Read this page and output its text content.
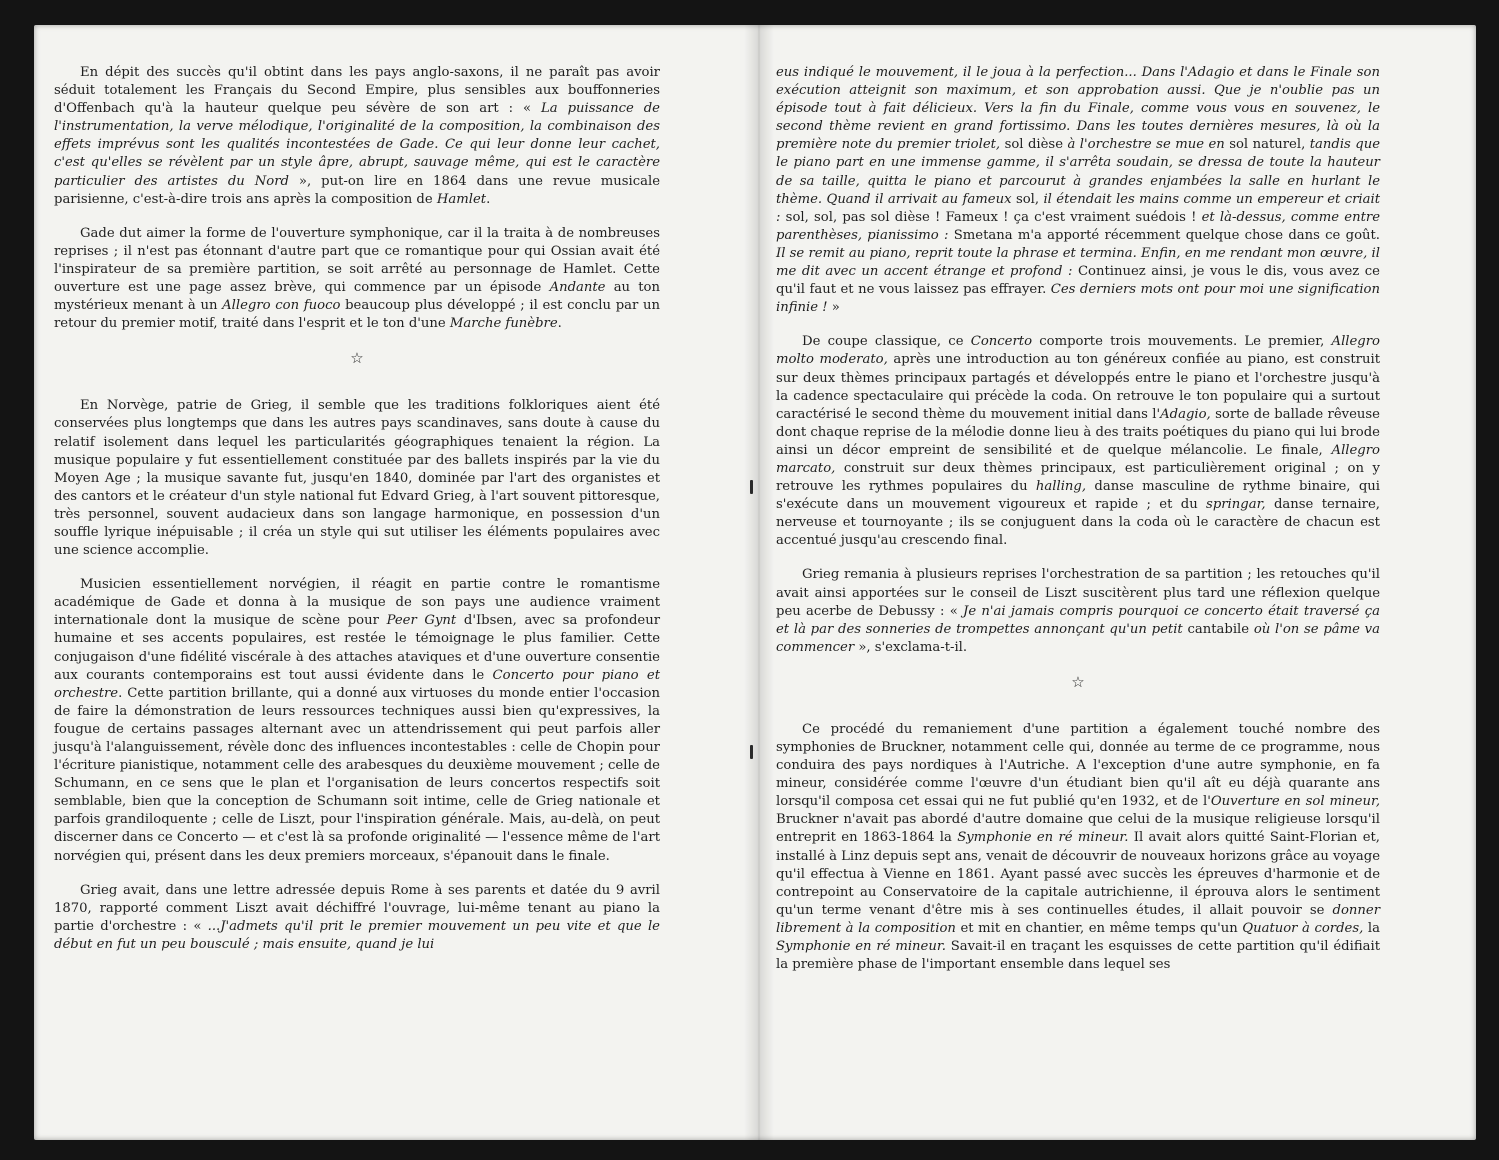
En dépit des succès qu'il obtint dans les pays anglo-saxons, il ne paraît pas avoir séduit totalement les Français du Second Empire, plus sensibles aux bouffonneries d'Offenbach qu'à la hauteur quelque peu sévère de son art : « La puissance de l'instrumentation, la verve mélodique, l'originalité de la composition, la combinaison des effets imprévus sont les qualités incontestées de Gade. Ce qui leur donne leur cachet, c'est qu'elles se révèlent par un style âpre, abrupt, sauvage même, qui est le caractère particulier des artistes du Nord », put-on lire en 1864 dans une revue musicale parisienne, c'est-à-dire trois ans après la composition de Hamlet.

Gade dut aimer la forme de l'ouverture symphonique, car il la traita à de nombreuses reprises ; il n'est pas étonnant d'autre part que ce romantique pour qui Ossian avait été l'inspirateur de sa première partition, se soit arrêté au personnage de Hamlet. Cette ouverture est une page assez brève, qui commence par un épisode Andante au ton mystérieux menant à un Allegro con fuoco beaucoup plus développé ; il est conclu par un retour du premier motif, traité dans l'esprit et le ton d'une Marche funèbre.

☆

En Norvège, patrie de Grieg, il semble que les traditions folkloriques aient été conservées plus longtemps que dans les autres pays scandinaves, sans doute à cause du relatif isolement dans lequel les particularités géographiques tenaient la région. La musique populaire y fut essentiellement constituée par des ballets inspirés par la vie du Moyen Age ; la musique savante fut, jusqu'en 1840, dominée par l'art des organistes et des cantors et le créateur d'un style national fut Edvard Grieg, à l'art souvent pittoresque, très personnel, souvent audacieux dans son langage harmonique, en possession d'un souffle lyrique inépuisable ; il créa un style qui sut utiliser les éléments populaires avec une science accomplie.

Musicien essentiellement norvégien, il réagit en partie contre le romantisme académique de Gade et donna à la musique de son pays une audience vraiment internationale dont la musique de scène pour Peer Gynt d'Ibsen, avec sa profondeur humaine et ses accents populaires, est restée le témoignage le plus familier. Cette conjugaison d'une fidélité viscérale à des attaches ataviques et d'une ouverture consentie aux courants contemporains est tout aussi évidente dans le Concerto pour piano et orchestre. Cette partition brillante, qui a donné aux virtuoses du monde entier l'occasion de faire la démonstration de leurs ressources techniques aussi bien qu'expressives, la fougue de certains passages alternant avec un attendrissement qui peut parfois aller jusqu'à l'alanguissement, révèle donc des influences incontestables : celle de Chopin pour l'écriture pianistique, notamment celle des arabesques du deuxième mouvement ; celle de Schumann, en ce sens que le plan et l'organisation de leurs concertos respectifs soit semblable, bien que la conception de Schumann soit intime, celle de Grieg nationale et parfois grandiloquente ; celle de Liszt, pour l'inspiration générale. Mais, au-delà, on peut discerner dans ce Concerto — et c'est là sa profonde originalité — l'essence même de l'art norvégien qui, présent dans les deux premiers morceaux, s'épanouit dans le finale.

Grieg avait, dans une lettre adressée depuis Rome à ses parents et datée du 9 avril 1870, rapporté comment Liszt avait déchiffré l'ouvrage, lui-même tenant au piano la partie d'orchestre : « ...J'admets qu'il prit le premier mouvement un peu vite et que le début en fut un peu bousculé ; mais ensuite, quand je lui

eus indiqué le mouvement, il le joua à la perfection... Dans l'Adagio et dans le Finale son exécution atteignit son maximum, et son approbation aussi. Que je n'oublie pas un épisode tout à fait délicieux. Vers la fin du Finale, comme vous vous en souvenez, le second thème revient en grand fortissimo. Dans les toutes dernières mesures, là où la première note du premier triolet, sol dièse à l'orchestre se mue en sol naturel, tandis que le piano part en une immense gamme, il s'arrêta soudain, se dressa de toute la hauteur de sa taille, quitta le piano et parcourut à grandes enjambées la salle en hurlant le thème. Quand il arrivait au fameux sol, il étendait les mains comme un empereur et criait : sol, sol, pas sol dièse ! Fameux ! ça c'est vraiment suédois ! et là-dessus, comme entre parenthèses, pianissimo : Smetana m'a apporté récemment quelque chose dans ce goût. Il se remit au piano, reprit toute la phrase et termina. Enfin, en me rendant mon œuvre, il me dit avec un accent étrange et profond : Continuez ainsi, je vous le dis, vous avez ce qu'il faut et ne vous laissez pas effrayer. Ces derniers mots ont pour moi une signification infinie ! »

De coupe classique, ce Concerto comporte trois mouvements. Le premier, Allegro molto moderato, après une introduction au ton généreux confiée au piano, est construit sur deux thèmes principaux partagés et développés entre le piano et l'orchestre jusqu'à la cadence spectaculaire qui précède la coda. On retrouve le ton populaire qui a surtout caractérisé le second thème du mouvement initial dans l'Adagio, sorte de ballade rêveuse dont chaque reprise de la mélodie donne lieu à des traits poétiques du piano qui lui brode ainsi un décor empreint de sensibilité et de quelque mélancolie. Le finale, Allegro marcato, construit sur deux thèmes principaux, est particulièrement original ; on y retrouve les rythmes populaires du halling, danse masculine de rythme binaire, qui s'exécute dans un mouvement vigoureux et rapide ; et du springar, danse ternaire, nerveuse et tournoyante ; ils se conjuguent dans la coda où le caractère de chacun est accentué jusqu'au crescendo final.

Grieg remania à plusieurs reprises l'orchestration de sa partition ; les retouches qu'il avait ainsi apportées sur le conseil de Liszt suscitèrent plus tard une réflexion quelque peu acerbe de Debussy : « Je n'ai jamais compris pourquoi ce concerto était traversé ça et là par des sonneries de trompettes annonçant qu'un petit cantabile où l'on se pâme va commencer », s'exclama-t-il.

☆

Ce procédé du remaniement d'une partition a également touché nombre des symphonies de Bruckner, notamment celle qui, donnée au terme de ce programme, nous conduira des pays nordiques à l'Autriche. A l'exception d'une autre symphonie, en fa mineur, considérée comme l'œuvre d'un étudiant bien qu'il aît eu déjà quarante ans lorsqu'il composa cet essai qui ne fut publié qu'en 1932, et de l'Ouverture en sol mineur, Bruckner n'avait pas abordé d'autre domaine que celui de la musique religieuse lorsqu'il entreprit en 1863-1864 la Symphonie en ré mineur. Il avait alors quitté Saint-Florian et, installé à Linz depuis sept ans, venait de découvrir de nouveaux horizons grâce au voyage qu'il effectua à Vienne en 1861. Ayant passé avec succès les épreuves d'harmonie et de contrepoint au Conservatoire de la capitale autrichienne, il éprouva alors le sentiment qu'un terme venant d'être mis à ses continuelles études, il allait pouvoir se donner librement à la composition et mit en chantier, en même temps qu'un Quatuor à cordes, la Symphonie en ré mineur. Savait-il en traçant les esquisses de cette partition qu'il édifiait la première phase de l'important ensemble dans lequel ses
